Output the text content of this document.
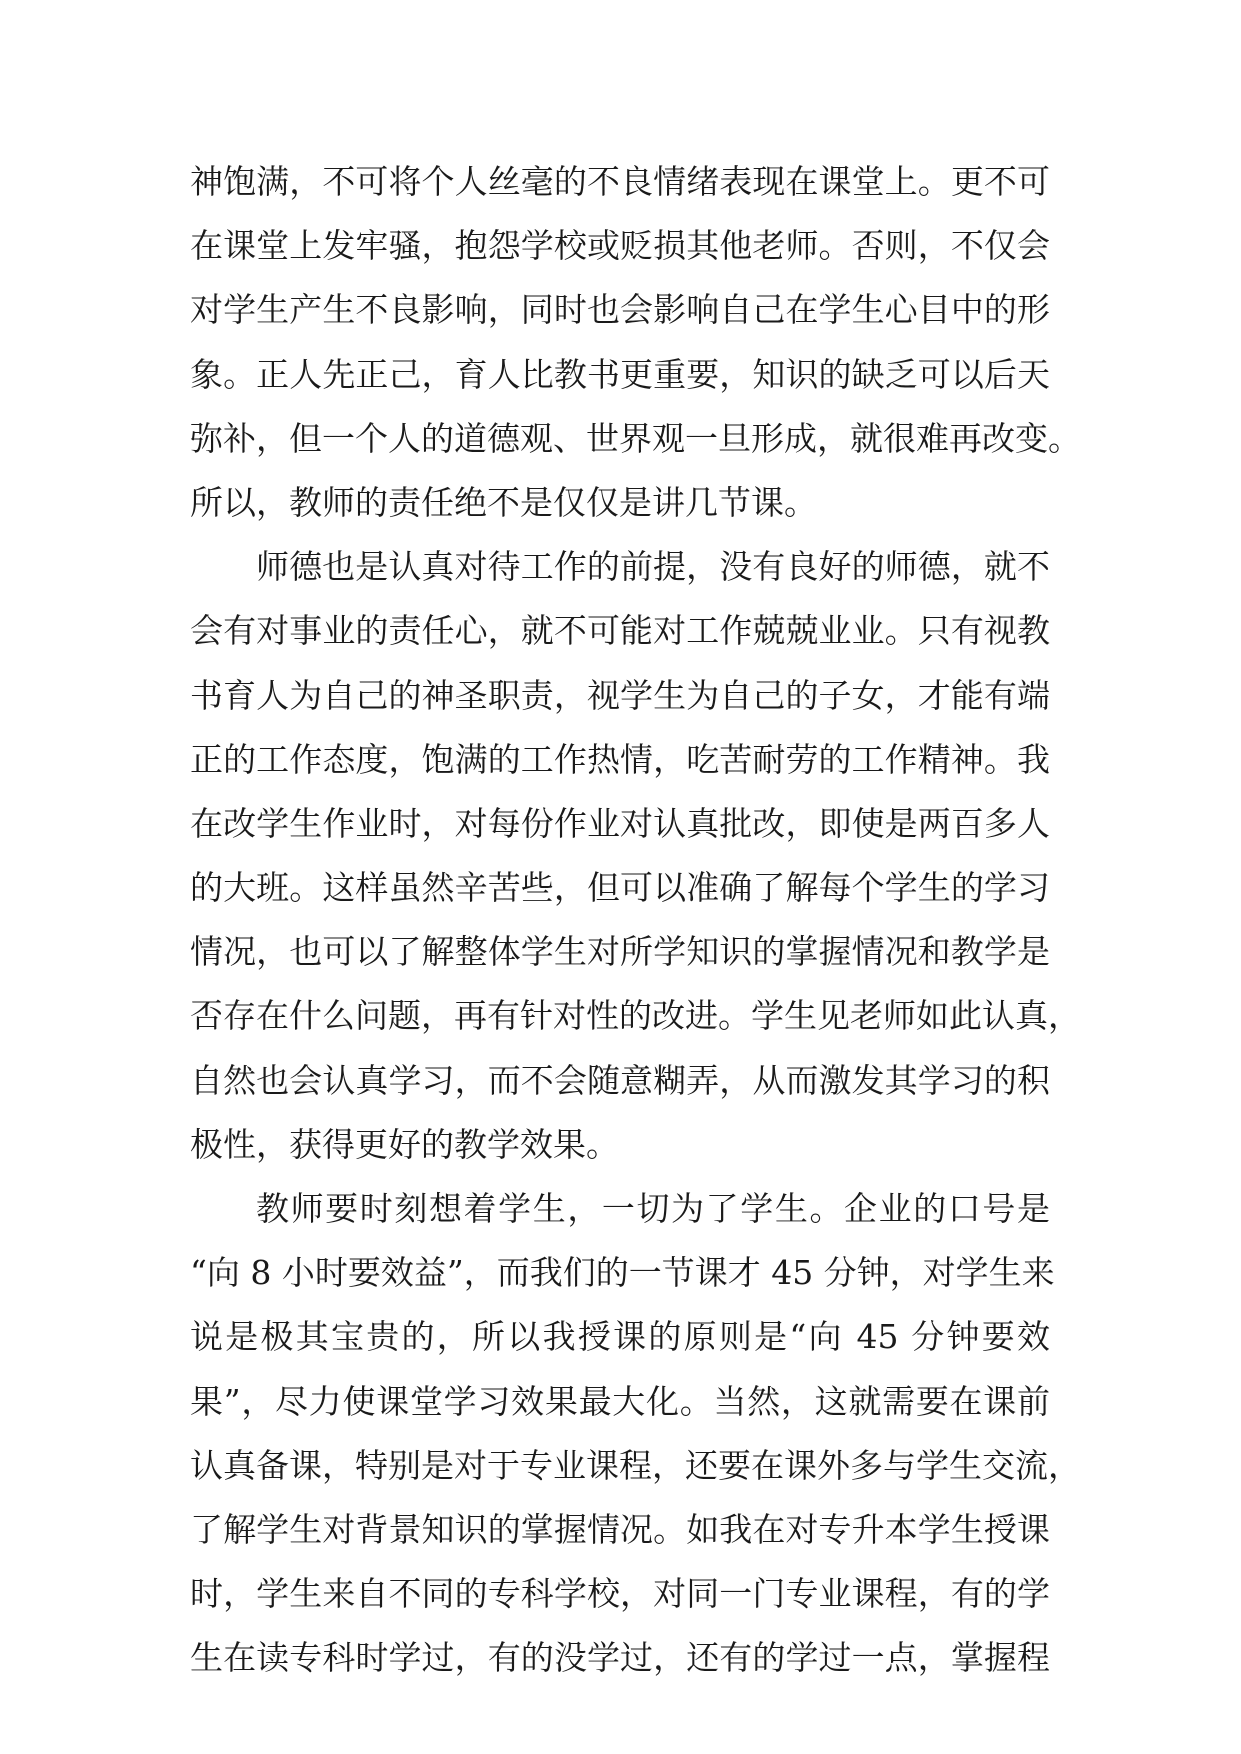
神饱满，不可将个人丝毫的不良情绪表现在课堂上。更不可
在课堂上发牢骚，抱怨学校或贬损其他老师。否则，不仅会
对学生产生不良影响，同时也会影响自己在学生心目中的形
象。正人先正己，育人比教书更重要，知识的缺乏可以后天
弥补，但一个人的道德观、世界观一旦形成，就很难再改变。
所以，教师的责任绝不是仅仅是讲几节课。
师德也是认真对待工作的前提，没有良好的师德，就不
会有对事业的责任心，就不可能对工作兢兢业业。只有视教
书育人为自己的神圣职责，视学生为自己的子女，才能有端
正的工作态度，饱满的工作热情，吃苦耐劳的工作精神。我
在改学生作业时，对每份作业对认真批改，即使是两百多人
的大班。这样虽然辛苦些，但可以准确了解每个学生的学习
情况，也可以了解整体学生对所学知识的掌握情况和教学是
否存在什么问题，再有针对性的改进。学生见老师如此认真，
自然也会认真学习，而不会随意糊弄，从而激发其学习的积
极性，获得更好的教学效果。
教师要时刻想着学生，一切为了学生。企业的口号是
“向 8 小时要效益”，而我们的一节课才 45 分钟，对学生来
说是极其宝贵的，所以我授课的原则是“向 45 分钟要效
果”，尽力使课堂学习效果最大化。当然，这就需要在课前
认真备课，特别是对于专业课程，还要在课外多与学生交流，
了解学生对背景知识的掌握情况。如我在对专升本学生授课
时，学生来自不同的专科学校，对同一门专业课程，有的学
生在读专科时学过，有的没学过，还有的学过一点，掌握程
